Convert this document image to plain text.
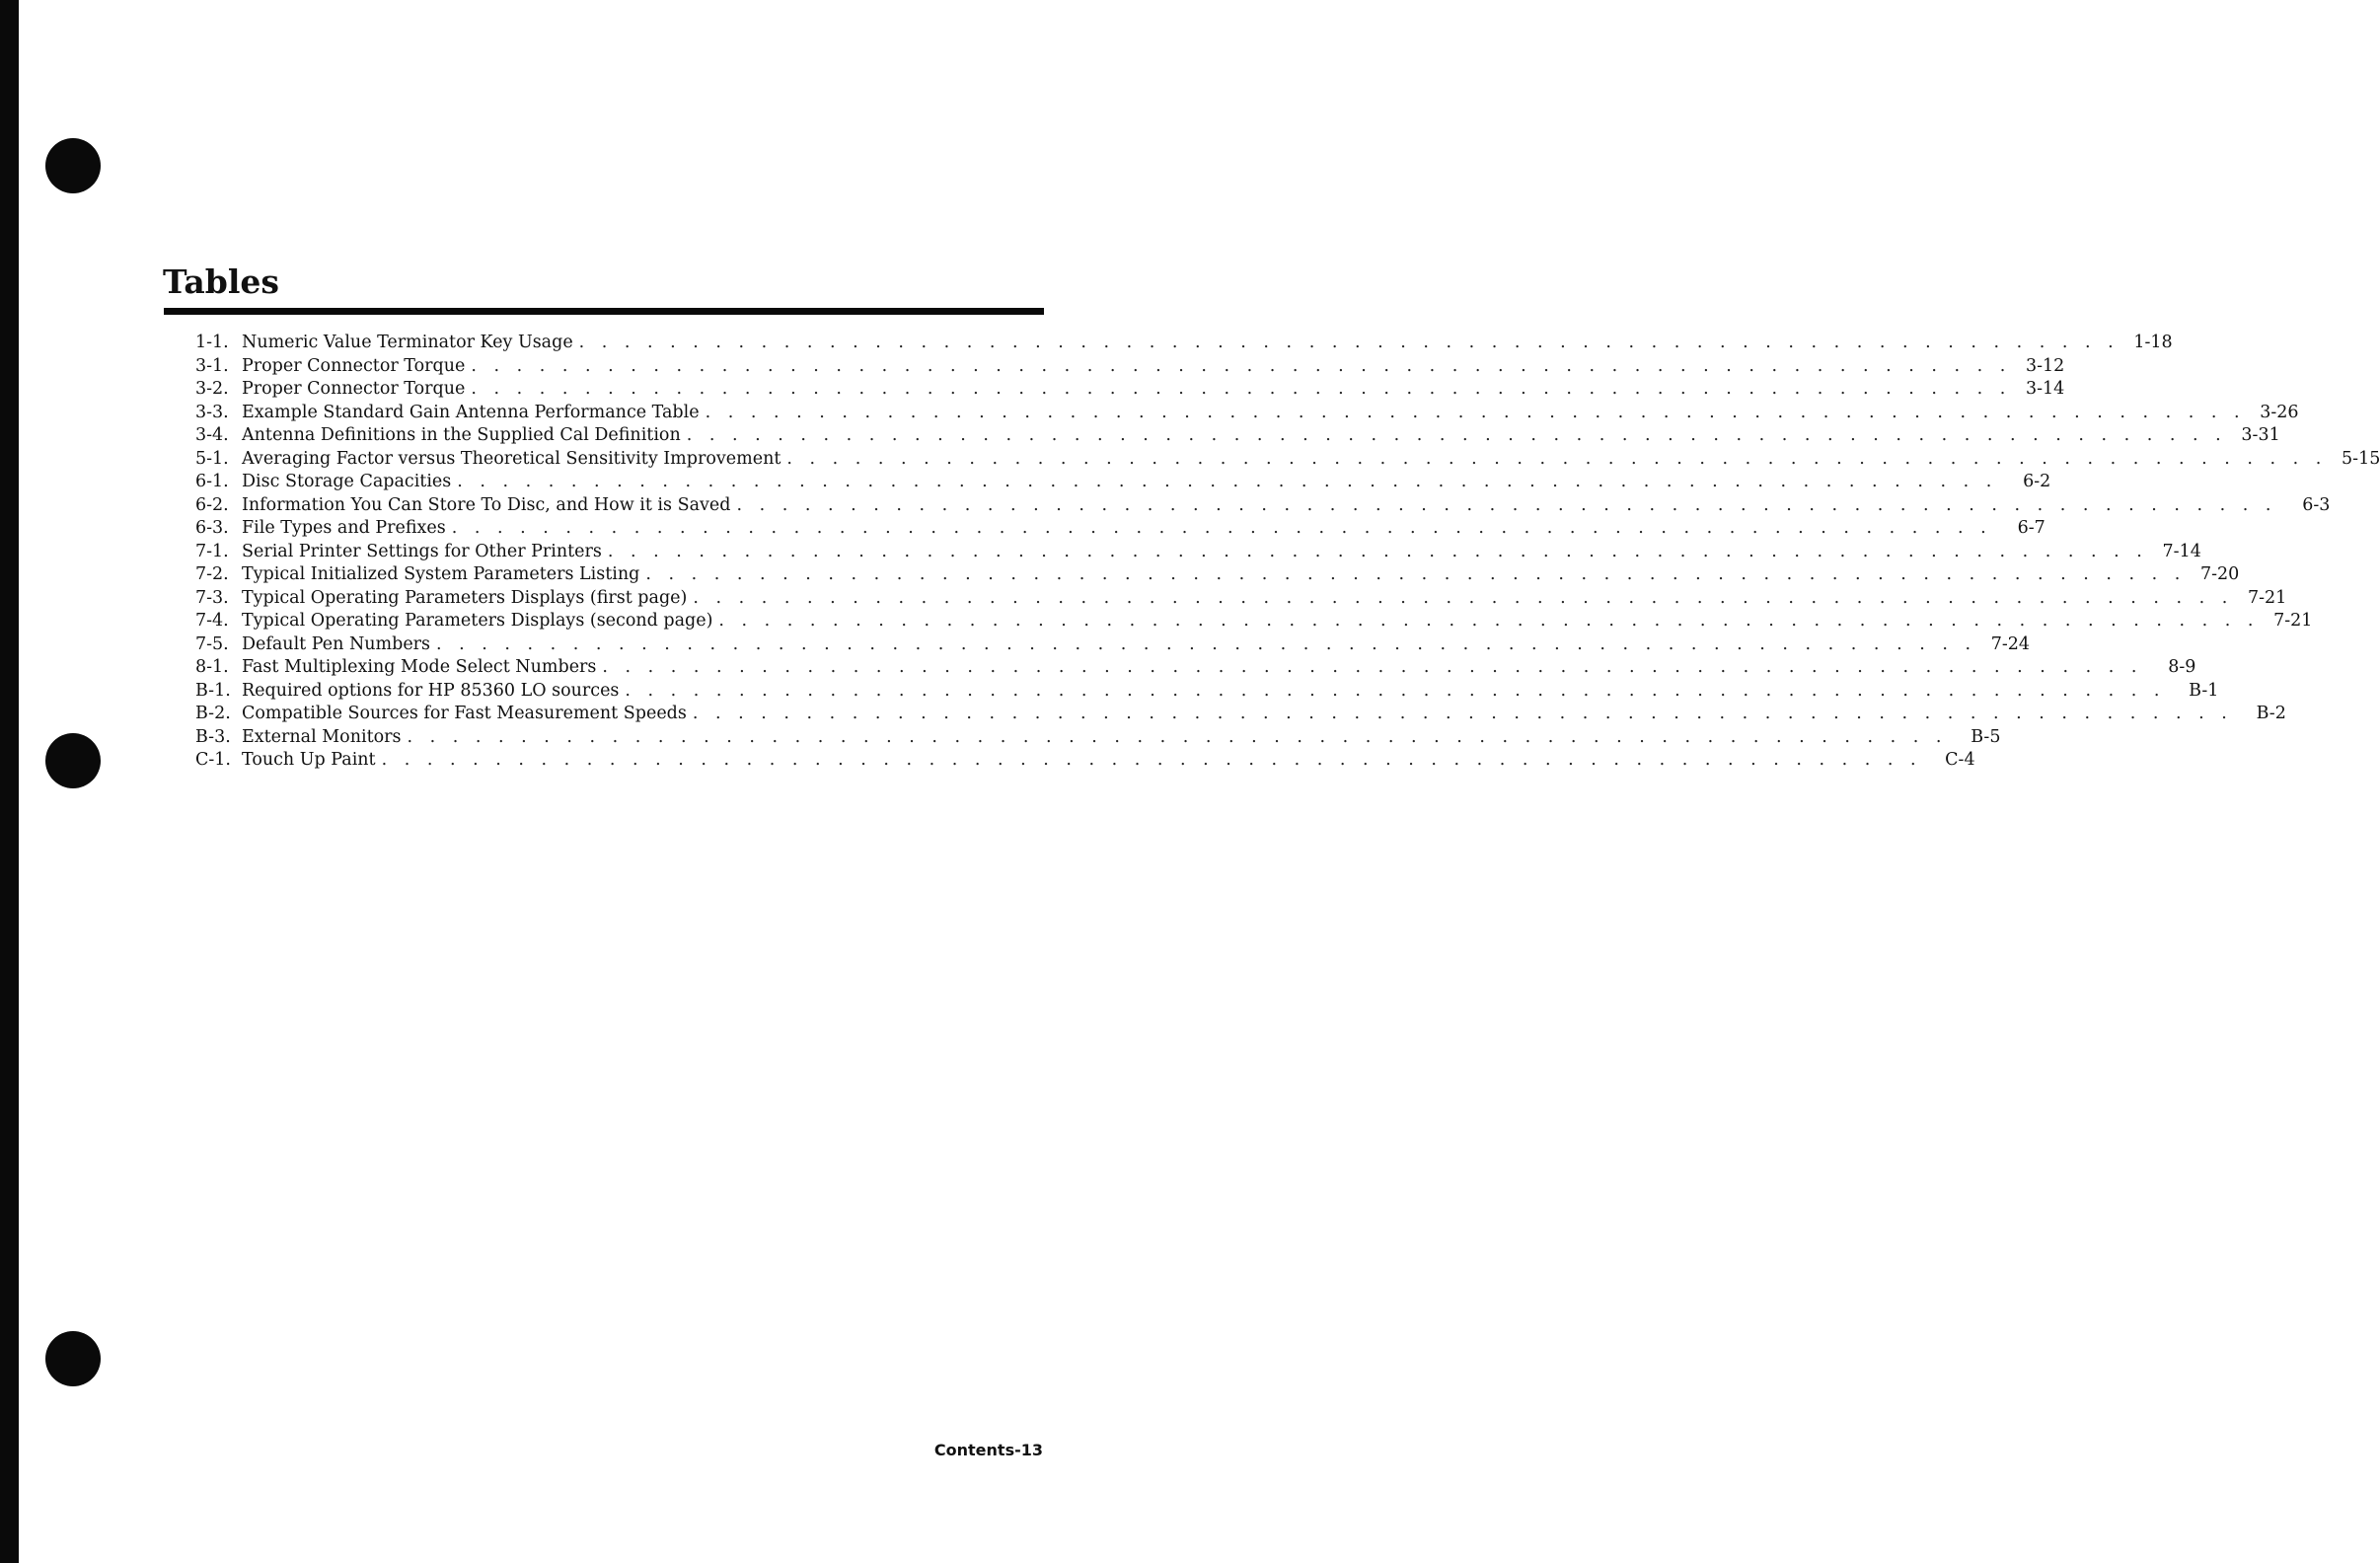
Tables
1-1. Numeric Value Terminator Key Usage . . . . . . . . . . . . . . . . . . . . . . . . . . . . . . . . . . . . . . . . . . . . . . . . . . . . . . . . . . . . . . . . . . . . 1-18
3-1. Proper Connector Torque . . . . . . . . . . . . . . . . . . . . . . . . . . . . . . . . . . . . . . . . . . . . . . . . . . . . . . . . . . . . . . . . . . . . 3-12
3-2. Proper Connector Torque . . . . . . . . . . . . . . . . . . . . . . . . . . . . . . . . . . . . . . . . . . . . . . . . . . . . . . . . . . . . . . . . . . . . 3-14
3-3. Example Standard Gain Antenna Performance Table . . . . . . . . . . . . . . . . . . . . . . . . . . . . . . . . . . . . . . . . . . . . . . . . . . . . . . . . . . . . . . . . . . . . 3-26
3-4. Antenna Definitions in the Supplied Cal Definition . . . . . . . . . . . . . . . . . . . . . . . . . . . . . . . . . . . . . . . . . . . . . . . . . . . . . . . . . . . . . . . . . . . . 3-31
5-1. Averaging Factor versus Theoretical Sensitivity Improvement . . . . . . . . . . . . . . . . . . . . . . . . . . . . . . . . . . . . . . . . . . . . . . . . . . . . . . . . . . . . . . . . . . . . 5-15
6-1. Disc Storage Capacities . . . . . . . . . . . . . . . . . . . . . . . . . . . . . . . . . . . . . . . . . . . . . . . . . . . . . . . . . . . . . . . . . . . .	6-2
6-2. Information You Can Store To Disc, and How it is Saved . . . . . . . . . . . . . . . . . . . . . . . . . . . . . . . . . . . . . . . . . . . . . . . . . . . . . . . . . . . . . . . . . . . .	6-3
6-3. File Types and Prefixes . . . . . . . . . . . . . . . . . . . . . . . . . . . . . . . . . . . . . . . . . . . . . . . . . . . . . . . . . . . . . . . . . . . .	6-7
7-1. Serial Printer Settings for Other Printers . . . . . . . . . . . . . . . . . . . . . . . . . . . . . . . . . . . . . . . . . . . . . . . . . . . . . . . . . . . . . . . . . . . . 7-14
7-2. Typical Initialized System Parameters Listing . . . . . . . . . . . . . . . . . . . . . . . . . . . . . . . . . . . . . . . . . . . . . . . . . . . . . . . . . . . . . . . . . . . . 7-20
7-3. Typical Operating Parameters Displays (first page) . . . . . . . . . . . . . . . . . . . . . . . . . . . . . . . . . . . . . . . . . . . . . . . . . . . . . . . . . . . . . . . . . . . . 7-21
7-4. Typical Operating Parameters Displays (second page) . . . . . . . . . . . . . . . . . . . . . . . . . . . . . . . . . . . . . . . . . . . . . . . . . . . . . . . . . . . . . . . . . . . . 7-21
7-5. Default Pen Numbers . . . . . . . . . . . . . . . . . . . . . . . . . . . . . . . . . . . . . . . . . . . . . . . . . . . . . . . . . . . . . . . . . . . . 7-24
8-1. Fast Multiplexing Mode Select Numbers . . . . . . . . . . . . . . . . . . . . . . . . . . . . . . . . . . . . . . . . . . . . . . . . . . . . . . . . . . . . . . . . . . . .	8-9
B-1. Required options for HP 85360 LO sources . . . . . . . . . . . . . . . . . . . . . . . . . . . . . . . . . . . . . . . . . . . . . . . . . . . . . . . . . . . . . . . . . . . .	B-1
B-2. Compatible Sources for Fast Measurement Speeds . . . . . . . . . . . . . . . . . . . . . . . . . . . . . . . . . . . . . . . . . . . . . . . . . . . . . . . . . . . . . . . . . . . .	B-2
B-3. External Monitors . . . . . . . . . . . . . . . . . . . . . . . . . . . . . . . . . . . . . . . . . . . . . . . . . . . . . . . . . . . . . . . . . . . .	B-5
C-1. Touch Up Paint . . . . . . . . . . . . . . . . . . . . . . . . . . . . . . . . . . . . . . . . . . . . . . . . . . . . . . . . . . . . . . . . . . . .	C-4
Contents-13
